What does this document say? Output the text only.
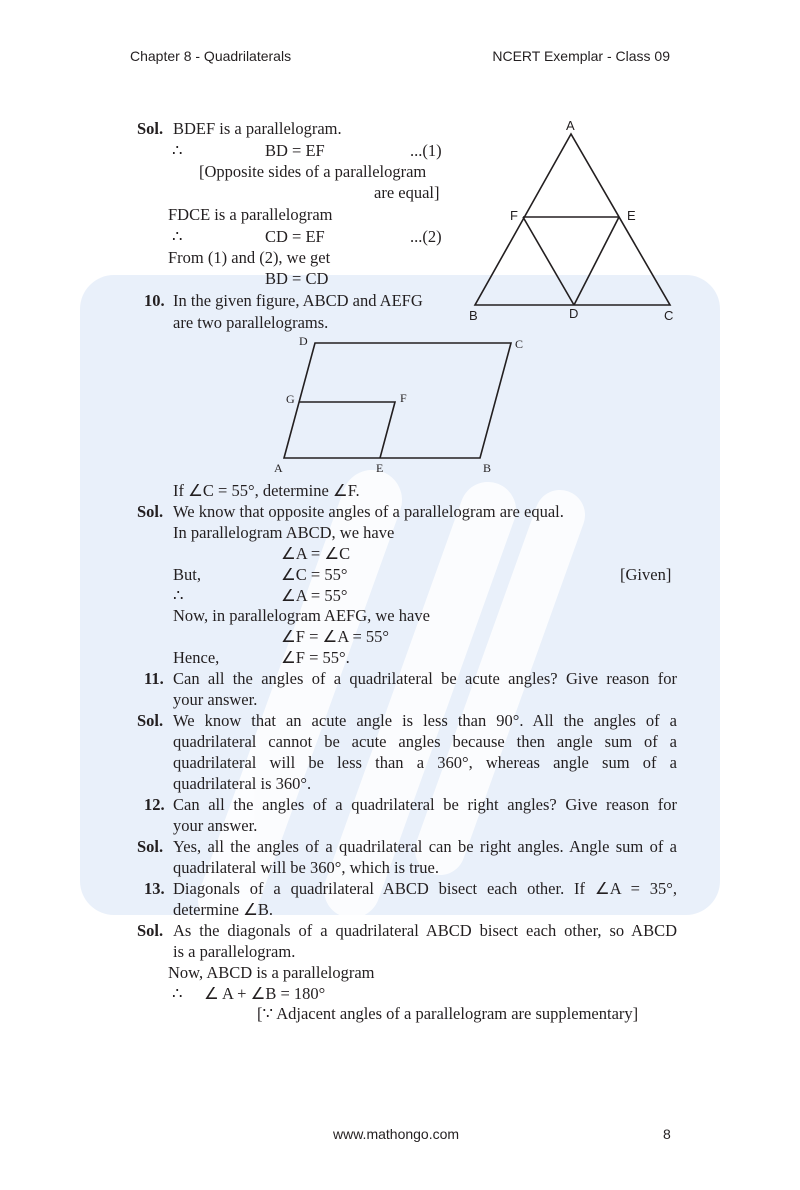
Chapter 8 - Quadrilaterals	NCERT Exemplar - Class 09
Sol. BDEF is a parallelogram.
∴	BD = EF	...(1)
[Opposite sides of a parallelogram
are equal]
FDCE is a parallelogram
∴	CD = EF	...(2)
From (1) and (2), we get
BD = CD
A
F	E
B	D	C
10. In the given figure, ABCD and AEFG
are two parallelograms.
D	C
G	F
A	E	B
If ∠C = 55°, determine ∠F.
Sol. We know that opposite angles of a parallelogram are equal.
In parallelogram ABCD, we have
∠A = ∠C
But,	∠C = 55°	[Given]
∴	∠A = 55°
Now, in parallelogram AEFG, we have
∠F = ∠A = 55°
Hence,	∠F = 55°.
11. Can all the angles of a quadrilateral be acute angles? Give reason for
your answer.
Sol. We know that an acute angle is less than 90°. All the angles of a
quadrilateral cannot be acute angles because then angle sum of a
quadrilateral will be less than a 360°, whereas angle sum of a
quadrilateral is 360°.
12. Can all the angles of a quadrilateral be right angles? Give reason for
your answer.
Sol. Yes, all the angles of a quadrilateral can be right angles. Angle sum of a
quadrilateral will be 360°, which is true.
13. Diagonals of a quadrilateral ABCD bisect each other. If ∠A = 35°,
determine ∠B.
Sol. As the diagonals of a quadrilateral ABCD bisect each other, so ABCD
is a parallelogram.
Now, ABCD is a parallelogram
∴ ∠ A + ∠B = 180°
[∵ Adjacent angles of a parallelogram are supplementary]
www.mathongo.com	8
